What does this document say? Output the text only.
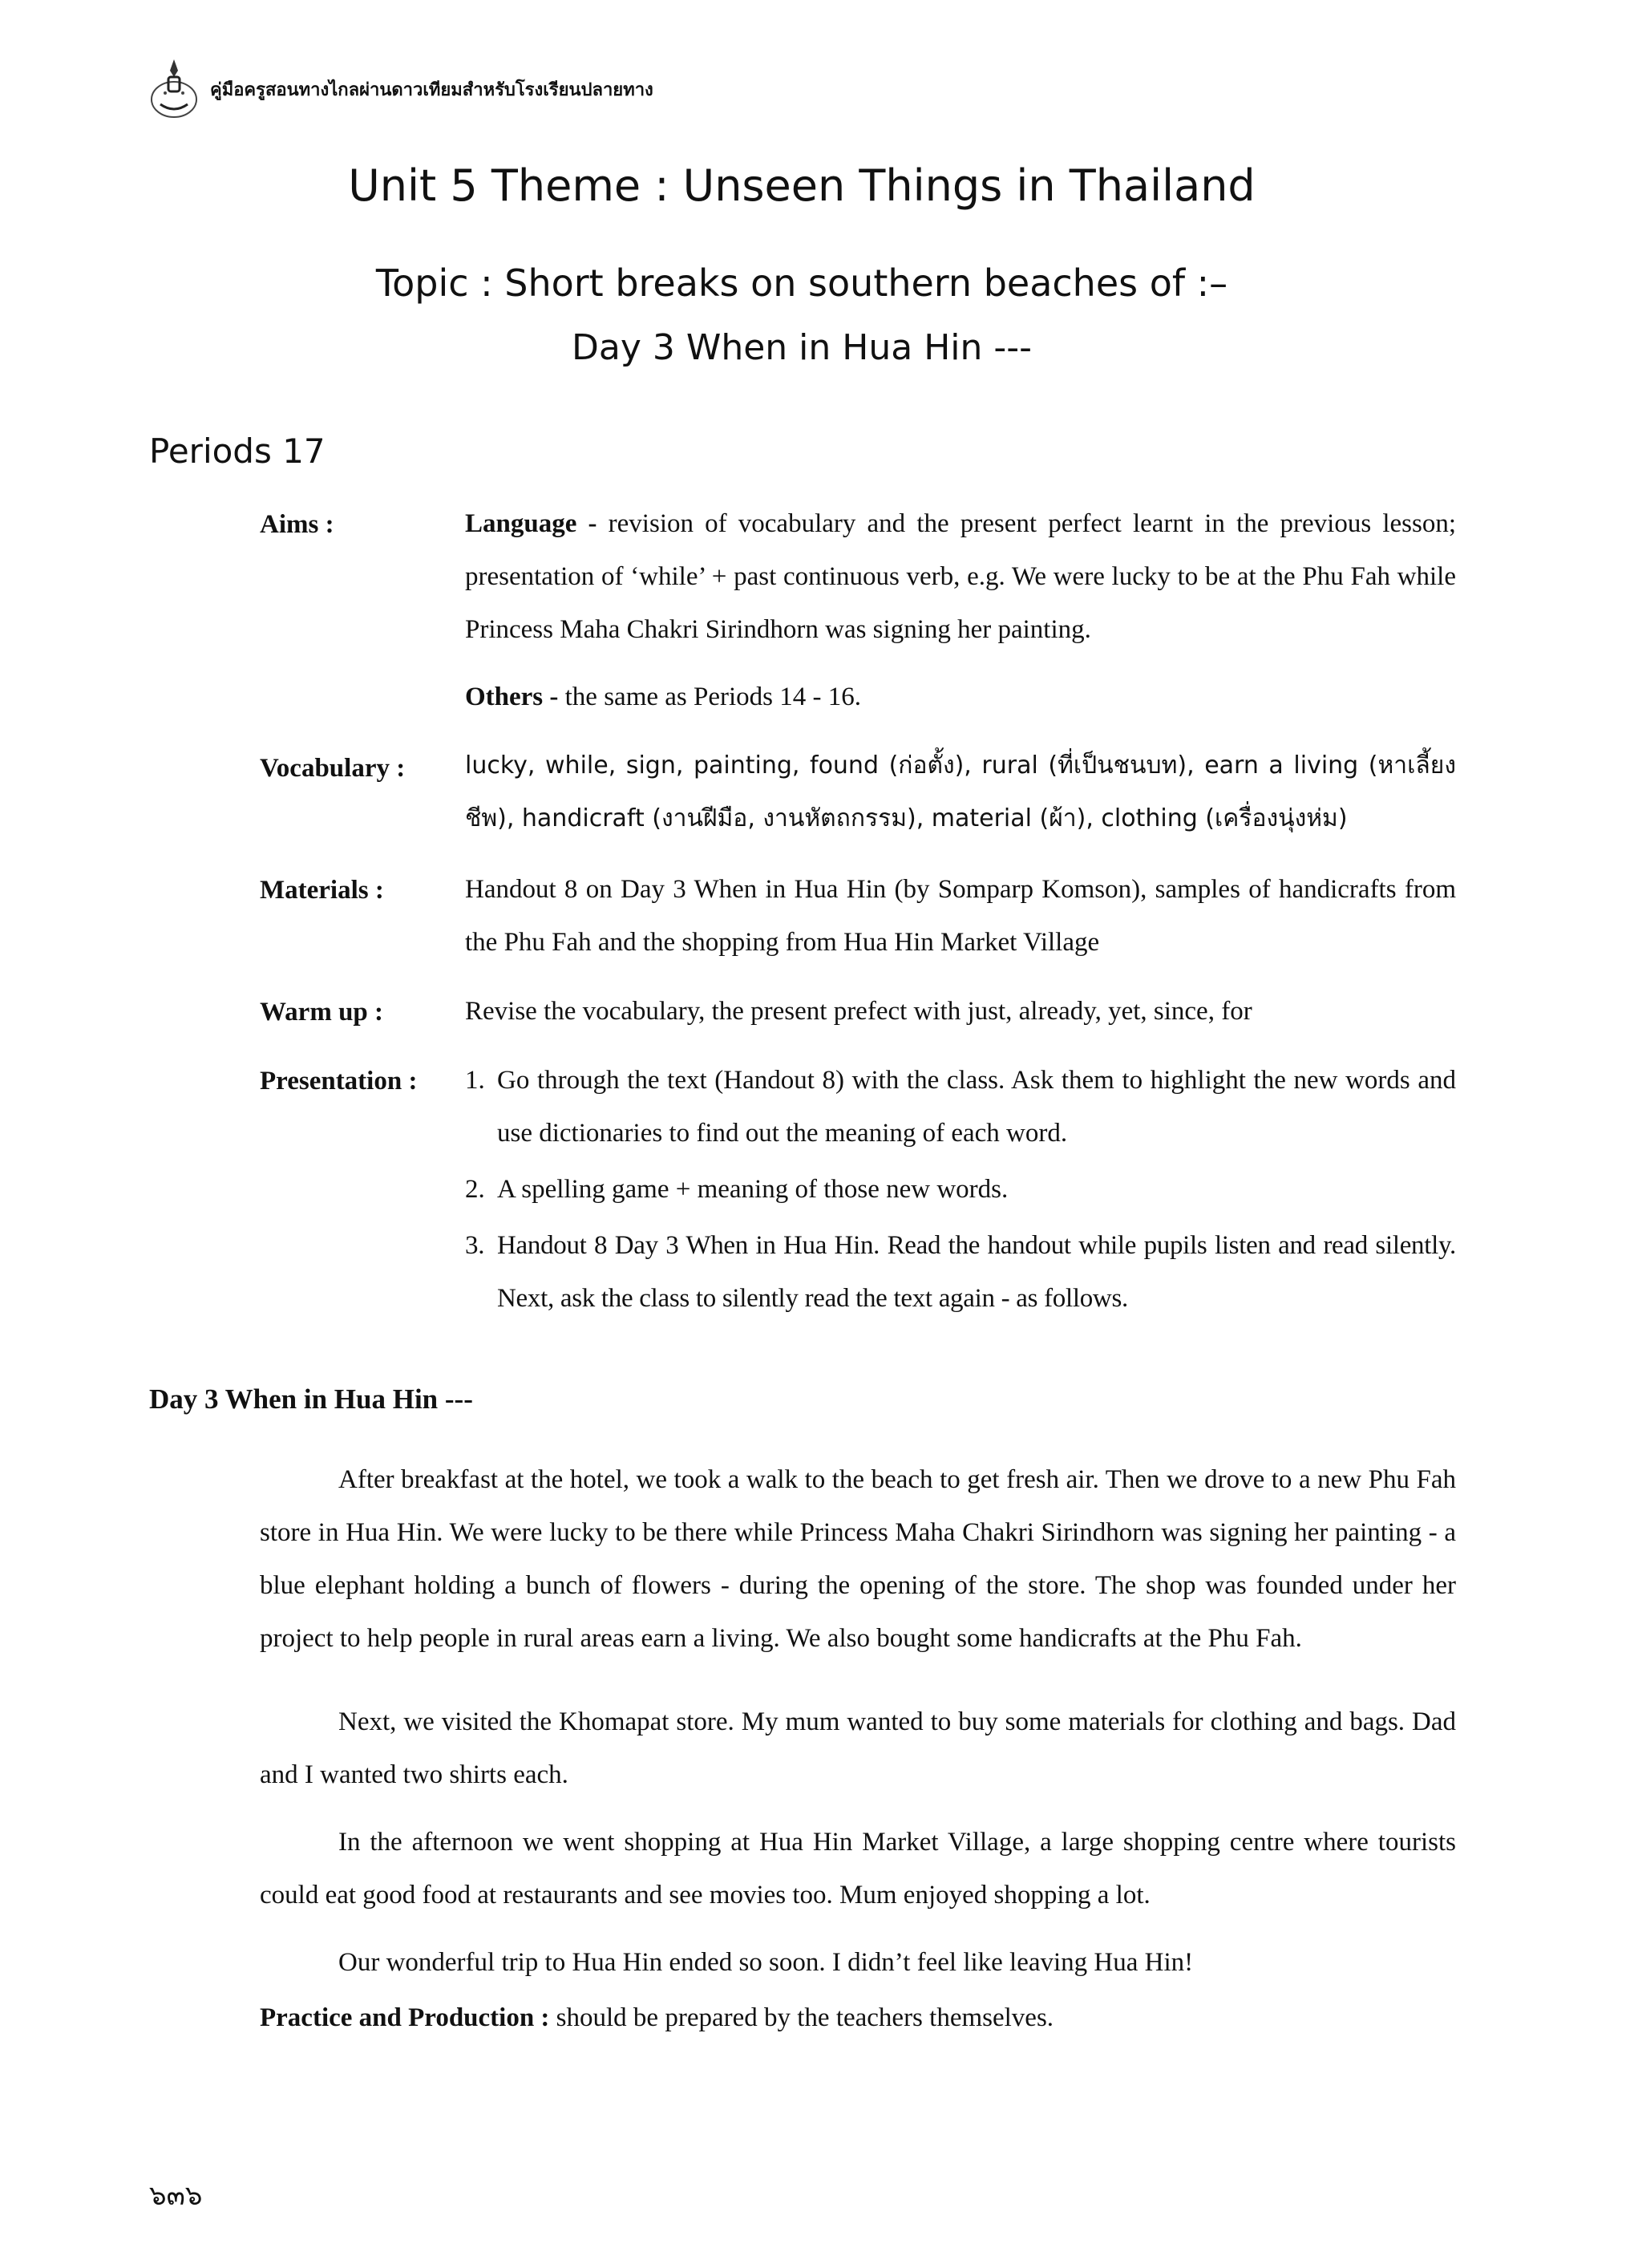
คู่มือครูสอนทางไกลผ่านดาวเทียมสำหรับโรงเรียนปลายทาง
Unit 5 Theme : Unseen Things in Thailand
Topic : Short breaks on southern beaches of :–
Day 3 When in Hua Hin ---
Periods 17
Aims :	Language - revision of vocabulary and the present perfect learnt in the previous lesson; presentation of ‘while’ + past continuous verb, e.g. We were lucky to be at the Phu Fah while Princess Maha Chakri Sirindhorn was signing her painting.
Others - the same as Periods 14 - 16.
Vocabulary : lucky, while, sign, painting, found (ก่อตั้ง), rural (ที่เป็นชนบท), earn a living (หาเลี้ยงชีพ), handicraft (งานฝีมือ, งานหัตถกรรม), material (ผ้า), clothing (เครื่องนุ่งห่ม)
Materials :	Handout 8 on Day 3 When in Hua Hin (by Somparp Komson), samples of handicrafts from the Phu Fah and the shopping from Hua Hin Market Village
Warm up :	Revise the vocabulary, the present prefect with just, already, yet, since, for
Presentation : 1. Go through the text (Handout 8) with the class. Ask them to highlight the new words and use dictionaries to find out the meaning of each word.
2. A spelling game + meaning of those new words.
3. Handout 8 Day 3 When in Hua Hin. Read the handout while pupils listen and read silently. Next, ask the class to silently read the text again - as follows.
Day 3 When in Hua Hin ---
After breakfast at the hotel, we took a walk to the beach to get fresh air. Then we drove to a new Phu Fah store in Hua Hin. We were lucky to be there while Princess Maha Chakri Sirindhorn was signing her painting - a blue elephant holding a bunch of flowers - during the opening of the store. The shop was founded under her project to help people in rural areas earn a living. We also bought some handicrafts at the Phu Fah.
Next, we visited the Khomapat store. My mum wanted to buy some materials for clothing and bags. Dad and I wanted two shirts each.
In the afternoon we went shopping at Hua Hin Market Village, a large shopping centre where tourists could eat good food at restaurants and see movies too. Mum enjoyed shopping a lot.
Our wonderful trip to Hua Hin ended so soon. I didn’t feel like leaving Hua Hin!
Practice and Production : should be prepared by the teachers themselves.
๖๓๖
